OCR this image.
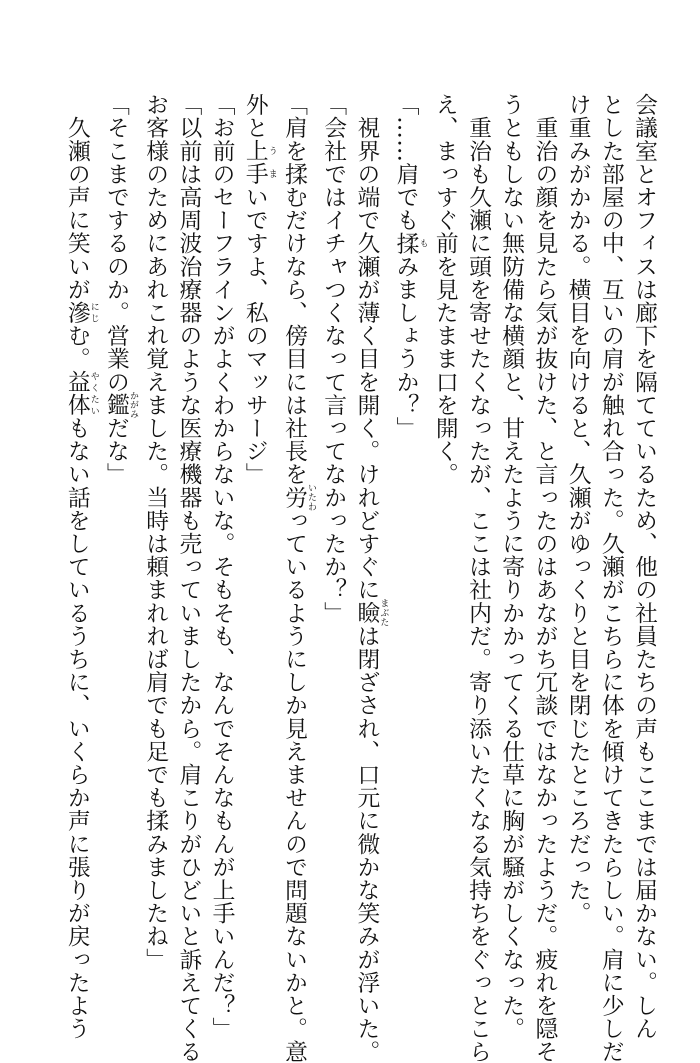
会議室とオフィスは廊下を隔てているため、他の社員たちの声もここまでは届かない。しん
とした部屋の中、互いの肩が触れ合った。久瀬がこちらに体を傾けてきたらしい。肩に少しだ
け重みがかかる。横目を向けると、久瀬がゆっくりと目を閉じたところだった。
　重治の顔を見たら気が抜けた、と言ったのはあながち冗談ではなかったようだ。疲れを隠そ
うともしない無防備な横顔と、甘えたように寄りかかってくる仕草に胸が騒がしくなった。
　重治も久瀬に頭を寄せたくなったが、ここは社内だ。寄り添いたくなる気持ちをぐっとこら
え、まっすぐ前を見たまま口を開く。
「……肩でも揉 もみましょうか？」
　視界の端で久瀬が薄く目を開く。けれどすぐに瞼 まぶたは閉ざされ、口元に微かな笑みが浮いた。
「会社ではイチャつくなって言ってなかったか？」
「肩を揉むだけなら、傍目には社長を労 いたわっているようにしか見えませんので問題ないかと。意
外と上手 うまいですよ、私のマッサージ」
「お前のセーフラインがよくわからないな。そもそも、なんでそんなもんが上手いんだ？」
「以前は高周波治療器のような医療機器も売っていましたから。肩こりがひどいと訴えてくる
お客様のためにあれこれ覚えました。当時は頼まれれば肩でも足でも揉みましたね」
「そこまでするのか。営業の鑑 かがみだな」
　久瀬の声に笑いが滲 にじむ。益体 やくたいもない話をしているうちに、いくらか声に張りが戻ったよう
